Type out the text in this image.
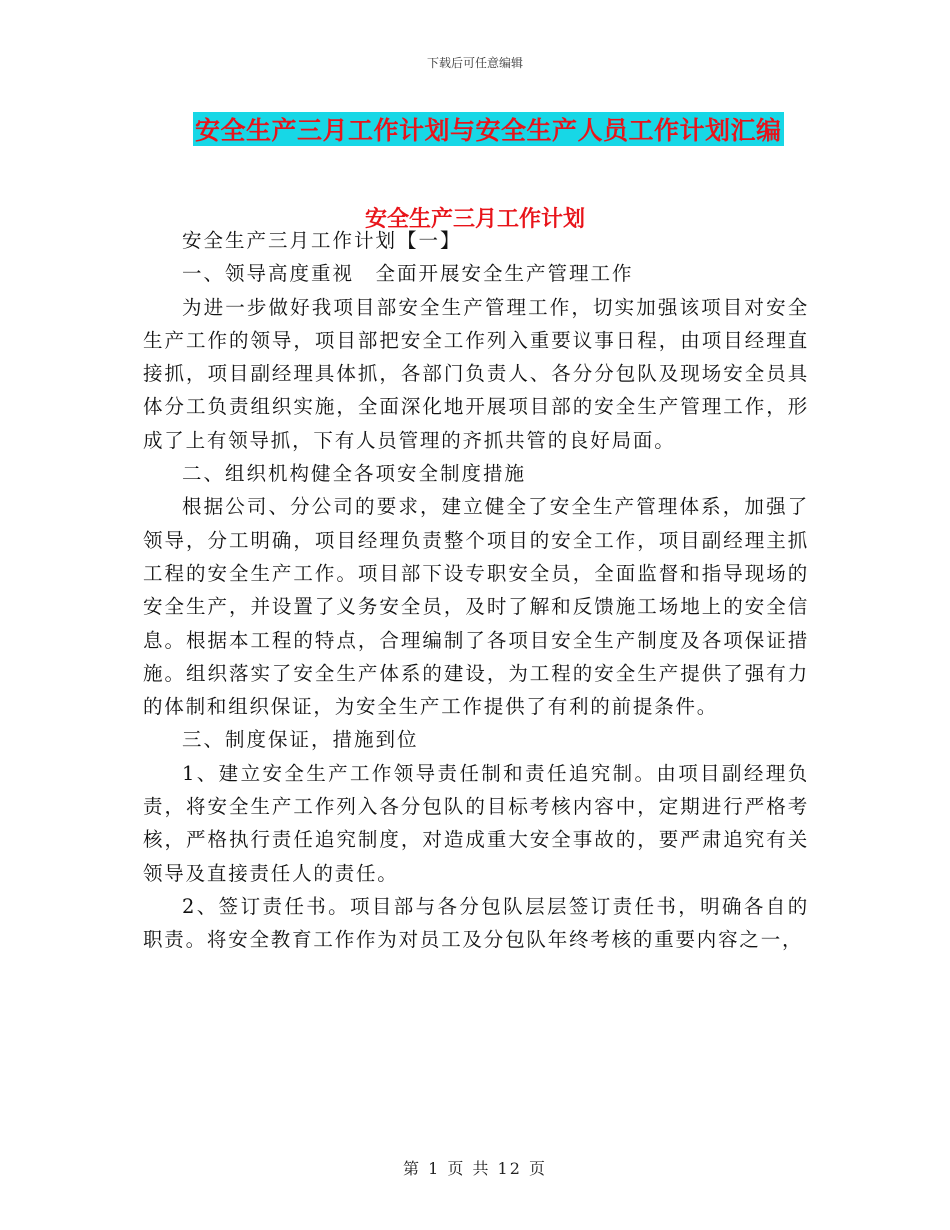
下载后可任意编辑
安全生产三月工作计划与安全生产人员工作计划汇编
安全生产三月工作计划

安全生产三月工作计划【一】

一、领导高度重视　全面开展安全生产管理工作

为进一步做好我项目部安全生产管理工作，切实加强该项目对安全生产工作的领导，项目部把安全工作列入重要议事日程，由项目经理直接抓，项目副经理具体抓，各部门负责人、各分分包队及现场安全员具体分工负责组织实施，全面深化地开展项目部的安全生产管理工作，形成了上有领导抓，下有人员管理的齐抓共管的良好局面。

二、组织机构健全各项安全制度措施

根据公司、分公司的要求，建立健全了安全生产管理体系，加强了领导，分工明确，项目经理负责整个项目的安全工作，项目副经理主抓工程的安全生产工作。项目部下设专职安全员，全面监督和指导现场的安全生产，并设置了义务安全员，及时了解和反馈施工场地上的安全信息。根据本工程的特点，合理编制了各项目安全生产制度及各项保证措施。组织落实了安全生产体系的建设，为工程的安全生产提供了强有力的体制和组织保证，为安全生产工作提供了有利的前提条件。

三、制度保证，措施到位

1、建立安全生产工作领导责任制和责任追究制。由项目副经理负责，将安全生产工作列入各分包队的目标考核内容中，定期进行严格考核，严格执行责任追究制度，对造成重大安全事故的，要严肃追究有关领导及直接责任人的责任。

2、签订责任书。项目部与各分包队层层签订责任书，明确各自的职责。将安全教育工作作为对员工及分包队年终考核的重要内容之一，

第 1 页 共 12 页
